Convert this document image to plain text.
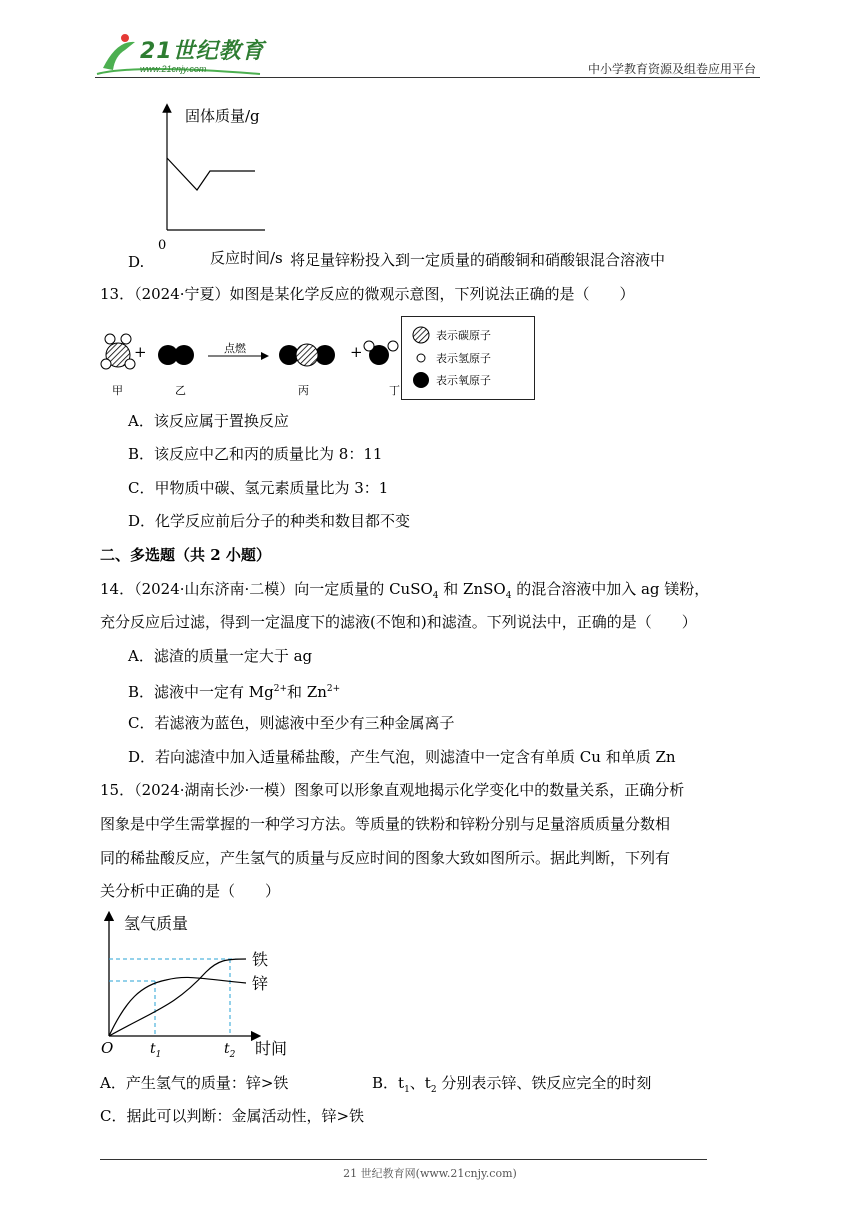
21世纪教育
www.21cnjy.com	中小学教育资源及组卷应用平台
固体质量/g
0
D.	反应时间/s 将足量锌粉投入到一定质量的硝酸铜和硝酸银混合溶液中
13．（2024·宁夏）如图是某化学反应的微观示意图，下列说法正确的是（　　）
+	+
点燃
甲	乙	丙	丁
表示碳原子
表示氢原子
表示氧原子
A．该反应属于置换反应
B．该反应中乙和丙的质量比为 8：11
C．甲物质中碳、氢元素质量比为 3：1
D．化学反应前后分子的种类和数目都不变
二、多选题（共 2 小题）
14．（2024·山东济南·二模）向一定质量的 CuSO$_4$ 和 ZnSO$_4$ 的混合溶液中加入 ag 镁粉，
充分反应后过滤，得到一定温度下的滤液(不饱和)和滤渣。下列说法中，正确的是（　　）
A．滤渣的质量一定大于 ag
B．滤液中一定有 $Mg^{2+}$和 $Zn^{2+}$
C．若滤液为蓝色，则滤液中至少有三种金属离子
D．若向滤渣中加入适量稀盐酸，产生气泡，则滤渣中一定含有单质 Cu 和单质 Zn
15．（2024·湖南长沙·一模）图象可以形象直观地揭示化学变化中的数量关系，正确分析
图象是中学生需掌握的一种学习方法。等质量的铁粉和锌粉分别与足量溶质质量分数相
同的稀盐酸反应，产生氢气的质量与反应时间的图象大致如图所示。据此判断，下列有
关分析中正确的是（　　）
氢气质量
铁
锌
O	$t_1$	$t_2$ 时间
A．产生氢气的质量：锌>铁	B．$t_1$、$t_2$ 分别表示锌、铁反应完全的时刻
C．据此可以判断：金属活动性，锌>铁
21 世纪教育网(www.21cnjy.com)
